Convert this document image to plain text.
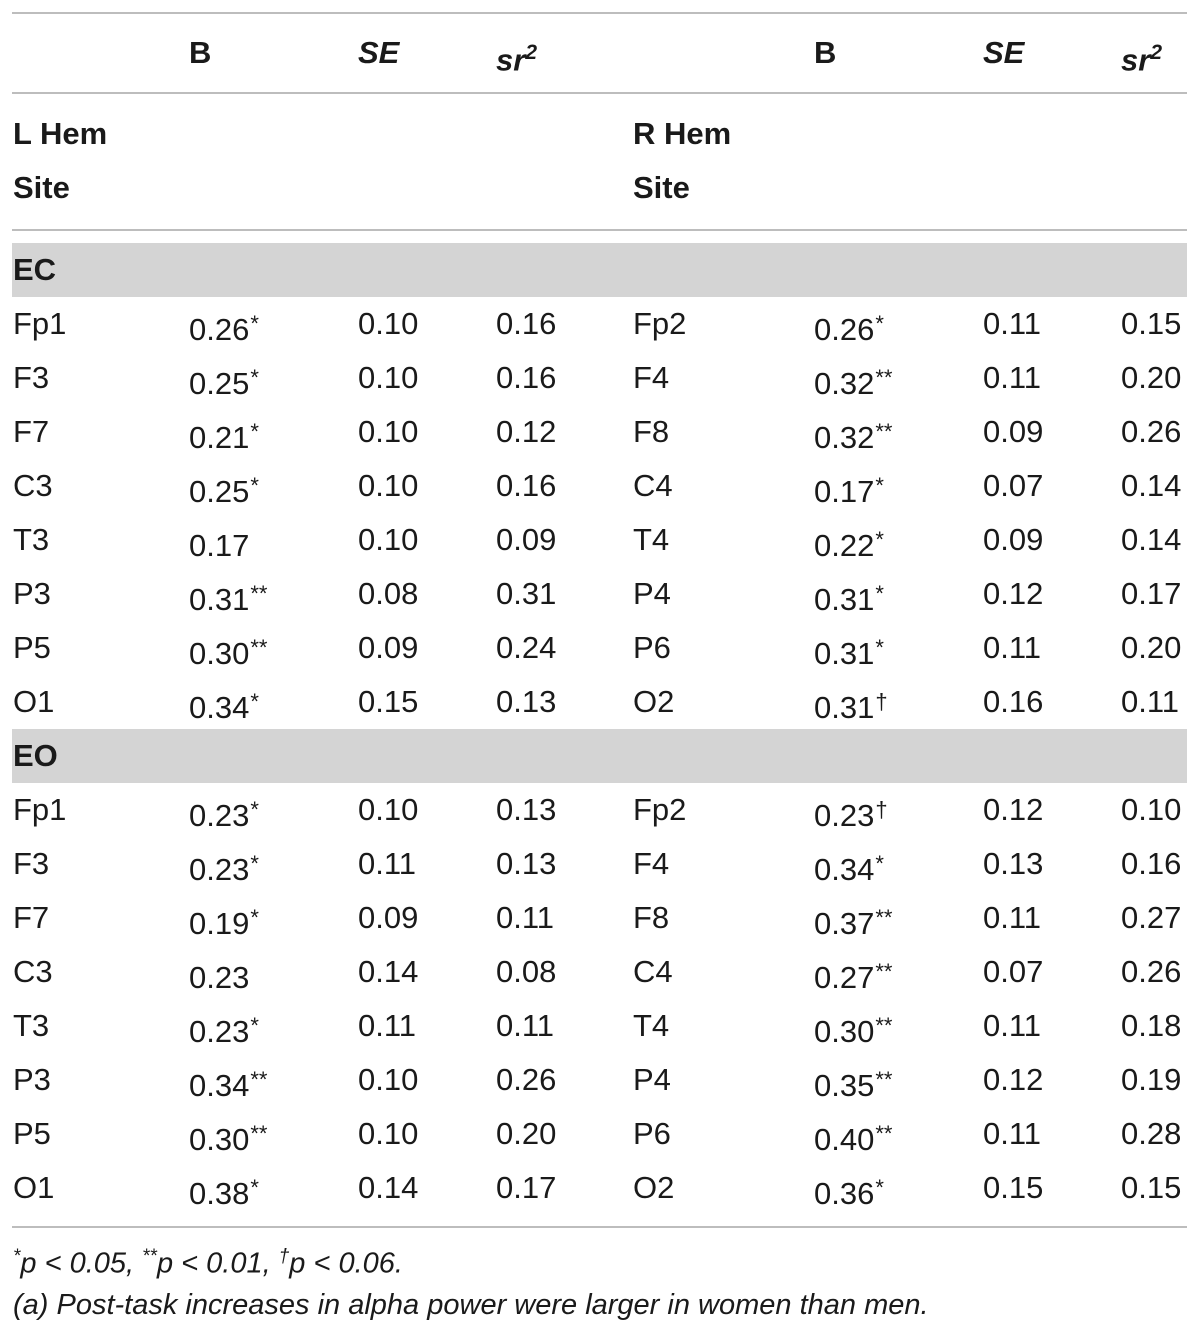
B	SE	$sr^2$	B	SE	$sr^2$
L Hem	R Hem
Site	Site
EC
Fp1	0.26*	0.10	0.16 Fp2	0.26*	0.11	0.15
F3	0.25*	0.10	0.16 F4	0.32**	0.11	0.20
F7	0.21*	0.10	0.12 F8	0.32**	0.09	0.26
C3	0.25*	0.10	0.16 C4	0.17*	0.07	0.14
T3	0.17	0.10	0.09 T4	0.22*	0.09	0.14
P3	0.31**	0.08	0.31 P4	0.31*	0.12	0.17
P5	0.30**	0.09	0.24 P6	0.31*	0.11	0.20
O1	0.34*	0.15	0.13 O2	0.31†	0.16	0.11
EO
Fp1	0.23*	0.10	0.13 Fp2	0.23†	0.12	0.10
F3	0.23*	0.11	0.13 F4	0.34*	0.13	0.16
F7	0.19*	0.09	0.11	F8	0.37**	0.11	0.27
C3	0.23	0.14	0.08 C4	0.27**	0.07	0.26
T3	0.23*	0.11	0.11	T4	0.30**	0.11	0.18
P3	0.34**	0.10	0.26 P4	0.35**	0.12	0.19
P5	0.30**	0.10	0.20 P6	0.40**	0.11	0.28
O1	0.38*	0.14	0.17 O2	0.36*	0.15	0.15
*p < 0.05, **p < 0.01, †p < 0.06.
(a) Post-task increases in alpha power were larger in women than men.
